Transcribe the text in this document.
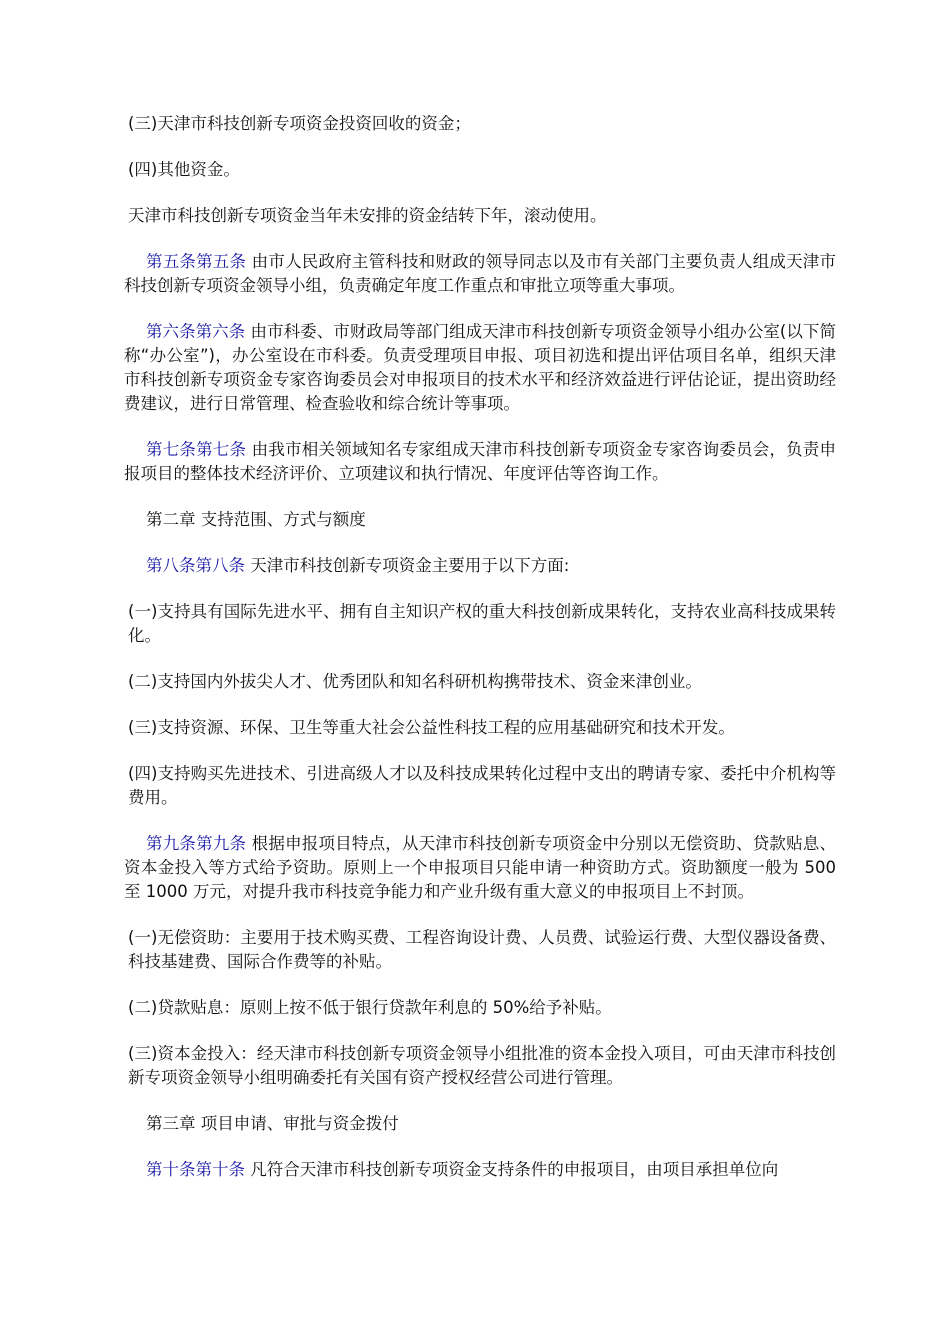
(三)天津市科技创新专项资金投资回收的资金；

(四)其他资金。

天津市科技创新专项资金当年未安排的资金结转下年，滚动使用。

第五条第五条 由市人民政府主管科技和财政的领导同志以及市有关部门主要负责人组成天津市科技创新专项资金领导小组，负责确定年度工作重点和审批立项等重大事项。

第六条第六条 由市科委、市财政局等部门组成天津市科技创新专项资金领导小组办公室(以下简称“办公室”)，办公室设在市科委。负责受理项目申报、项目初选和提出评估项目名单，组织天津市科技创新专项资金专家咨询委员会对申报项目的技术水平和经济效益进行评估论证，提出资助经费建议，进行日常管理、检查验收和综合统计等事项。

第七条第七条 由我市相关领域知名专家组成天津市科技创新专项资金专家咨询委员会，负责申报项目的整体技术经济评价、立项建议和执行情况、年度评估等咨询工作。

第二章 支持范围、方式与额度

第八条第八条 天津市科技创新专项资金主要用于以下方面:

(一)支持具有国际先进水平、拥有自主知识产权的重大科技创新成果转化，支持农业高科技成果转化。

(二)支持国内外拔尖人才、优秀团队和知名科研机构携带技术、资金来津创业。

(三)支持资源、环保、卫生等重大社会公益性科技工程的应用基础研究和技术开发。

(四)支持购买先进技术、引进高级人才以及科技成果转化过程中支出的聘请专家、委托中介机构等费用。

第九条第九条 根据申报项目特点，从天津市科技创新专项资金中分别以无偿资助、贷款贴息、资本金投入等方式给予资助。原则上一个申报项目只能申请一种资助方式。资助额度一般为 500 至 1000 万元，对提升我市科技竞争能力和产业升级有重大意义的申报项目上不封顶。

(一)无偿资助：主要用于技术购买费、工程咨询设计费、人员费、试验运行费、大型仪器设备费、科技基建费、国际合作费等的补贴。

(二)贷款贴息：原则上按不低于银行贷款年利息的 50%给予补贴。

(三)资本金投入：经天津市科技创新专项资金领导小组批准的资本金投入项目，可由天津市科技创新专项资金领导小组明确委托有关国有资产授权经营公司进行管理。

第三章 项目申请、审批与资金拨付

第十条第十条 凡符合天津市科技创新专项资金支持条件的申报项目，由项目承担单位向
